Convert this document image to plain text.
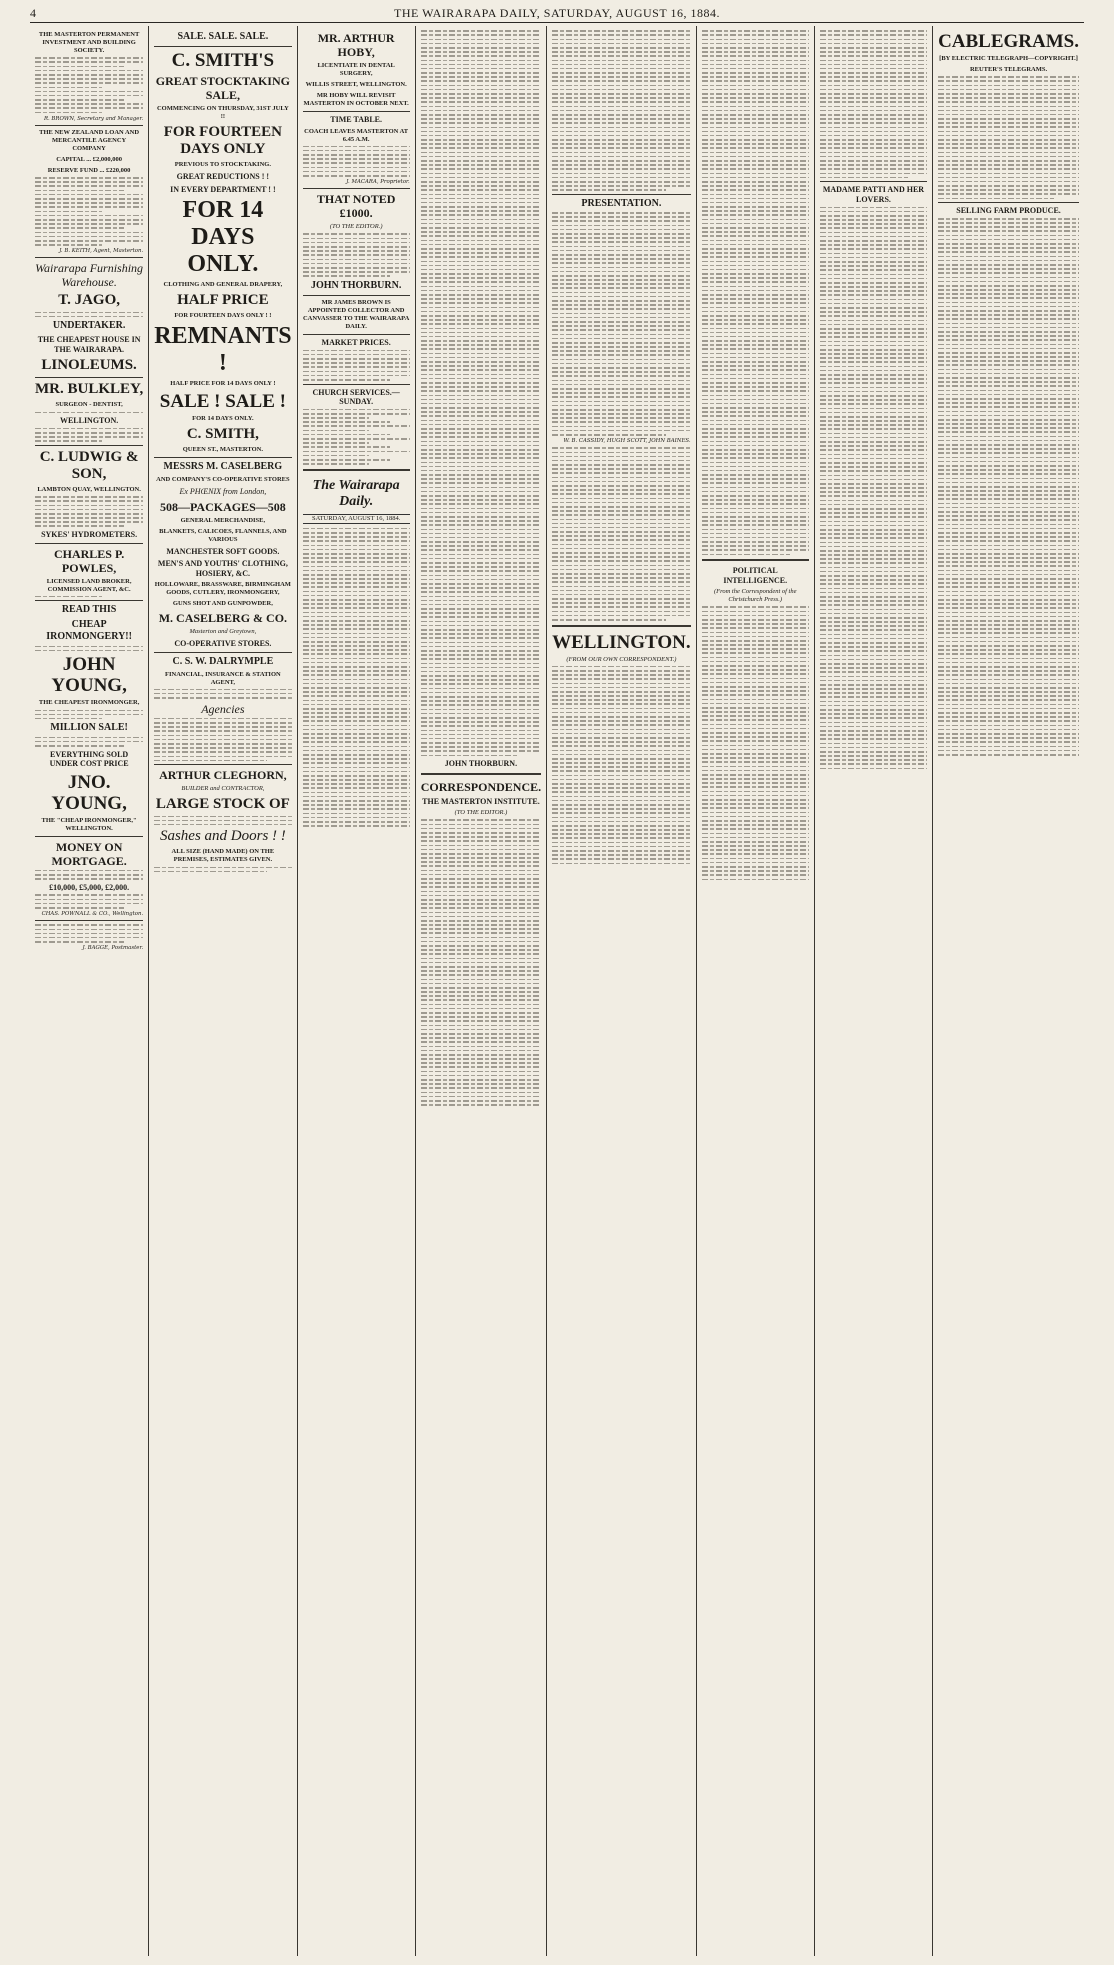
4	THE WAIRARAPA DAILY, SATURDAY, AUGUST 16, 1884.
THE MASTERTON PERMANENT INVESTMENT AND BUILDING SOCIETY.
R. BROWN, Secretary and Manager.
THE NEW ZEALAND LOAN AND MERCANTILE AGENCY COMPANY
CAPITAL ... £2,000,000
RESERVE FUND ... £220,000
J. B. KEITH, Agent, Masterton.
Wairarapa Furnishing Warehouse.
T. JAGO,
UNDERTAKER.
THE CHEAPEST HOUSE IN THE WAIRARAPA.
LINOLEUMS.
MR. BULKLEY,
SURGEON - DENTIST,
WELLINGTON.
C. LUDWIG & SON,
LAMBTON QUAY, WELLINGTON.
SYKES' HYDROMETERS.
CHARLES P. POWLES,
LICENSED LAND BROKER, COMMISSION AGENT, &C.
READ THIS
CHEAP IRONMONGERY!!
JOHN YOUNG,
THE CHEAPEST IRONMONGER,
MILLION SALE!
EVERYTHING SOLD UNDER COST PRICE
JNO. YOUNG,
THE "CHEAP IRONMONGER," WELLINGTON.
MONEY ON MORTGAGE.
£10,000, £5,000, £2,000.
CHAS. POWNALL & CO., Wellington.
J. BAGGE, Postmaster.
SALE. SALE. SALE.
C. SMITH'S
GREAT STOCKTAKING SALE,
COMMENCING ON THURSDAY, 31ST JULY !!
FOR FOURTEEN DAYS ONLY
PREVIOUS TO STOCKTAKING.
GREAT REDUCTIONS ! !
IN EVERY DEPARTMENT ! !
FOR 14 DAYS ONLY.
CLOTHING AND GENERAL DRAPERY,
HALF PRICE
FOR FOURTEEN DAYS ONLY ! !
REMNANTS !
HALF PRICE FOR 14 DAYS ONLY !
SALE ! SALE !
FOR 14 DAYS ONLY.
C. SMITH,
QUEEN ST., MASTERTON.
MESSRS M. CASELBERG
AND COMPANY'S CO-OPERATIVE STORES
Ex PHŒNIX from London,
508—PACKAGES—508
GENERAL MERCHANDISE,
BLANKETS, CALICOES, FLANNELS, AND VARIOUS
MANCHESTER SOFT GOODS.
MEN'S AND YOUTHS' CLOTHING, HOSIERY, &C.
HOLLOWARE, BRASSWARE, BIRMINGHAM GOODS, CUTLERY, IRONMONGERY,
GUNS SHOT AND GUNPOWDER,
M. CASELBERG & CO.
Masterton and Greytown,
CO-OPERATIVE STORES.
C. S. W. DALRYMPLE
FINANCIAL, INSURANCE & STATION AGENT,
Agencies
ARTHUR CLEGHORN,
BUILDER and CONTRACTOR,
LARGE STOCK OF
Sashes and Doors ! !
ALL SIZE (HAND MADE) ON THE PREMISES, ESTIMATES GIVEN.
MR. ARTHUR HOBY,
LICENTIATE IN DENTAL SURGERY,
WILLIS STREET, WELLINGTON.
MR HOBY WILL REVISIT MASTERTON IN OCTOBER NEXT.
TIME TABLE.
COACH LEAVES MASTERTON AT 6.45 A.M.
J. MACARA, Proprietor.
THAT NOTED £1000.
(TO THE EDITOR.)
JOHN THORBURN.
MR JAMES BROWN IS APPOINTED COLLECTOR AND CANVASSER TO THE WAIRARAPA DAILY.
MARKET PRICES.
CHURCH SERVICES.—SUNDAY.
The Wairarapa Daily.
SATURDAY, AUGUST 16, 1884.
JOHN THORBURN.
CORRESPONDENCE.
THE MASTERTON INSTITUTE.
(TO THE EDITOR.)
PRESENTATION.
W. B. CASSIDY, HUGH SCOTT, JOHN BAINES.
WELLINGTON.
(FROM OUR OWN CORRESPONDENT.)
POLITICAL INTELLIGENCE.
(From the Correspondent of the Christchurch Press.)
MADAME PATTI AND HER LOVERS.
CABLEGRAMS.
[BY ELECTRIC TELEGRAPH—COPYRIGHT.]
REUTER'S TELEGRAMS.
SELLING FARM PRODUCE.
